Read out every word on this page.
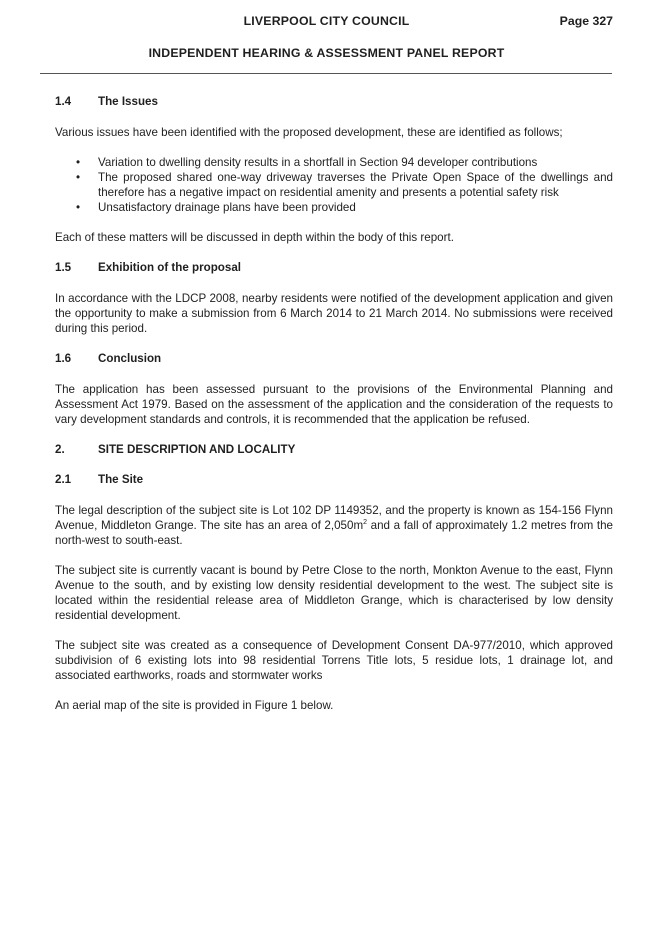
LIVERPOOL CITY COUNCIL	Page 327
INDEPENDENT HEARING & ASSESSMENT PANEL REPORT
1.4	The Issues

Various issues have been identified with the proposed development, these are identified as follows;

• Variation to dwelling density results in a shortfall in Section 94 developer contributions
• The proposed shared one-way driveway traverses the Private Open Space of the dwellings and therefore has a negative impact on residential amenity and presents a potential safety risk
• Unsatisfactory drainage plans have been provided

Each of these matters will be discussed in depth within the body of this report.

1.5	Exhibition of the proposal

In accordance with the LDCP 2008, nearby residents were notified of the development application and given the opportunity to make a submission from 6 March 2014 to 21 March 2014. No submissions were received during this period.

1.6	Conclusion

The application has been assessed pursuant to the provisions of the Environmental Planning and Assessment Act 1979. Based on the assessment of the application and the consideration of the requests to vary development standards and controls, it is recommended that the application be refused.

2.	SITE DESCRIPTION AND LOCALITY
2.1	The Site

The legal description of the subject site is Lot 102 DP 1149352, and the property is known as 154-156 Flynn Avenue, Middleton Grange. The site has an area of $2,050m^2$ and a fall of approximately 1.2 metres from the north-west to south-east.

The subject site is currently vacant is bound by Petre Close to the north, Monkton Avenue to the east, Flynn Avenue to the south, and by existing low density residential development to the west. The subject site is located within the residential release area of Middleton Grange, which is characterised by low density residential development.

The subject site was created as a consequence of Development Consent DA-977/2010, which approved subdivision of 6 existing lots into 98 residential Torrens Title lots, 5 residue lots, 1 drainage lot, and associated earthworks, roads and stormwater works

An aerial map of the site is provided in Figure 1 below.
